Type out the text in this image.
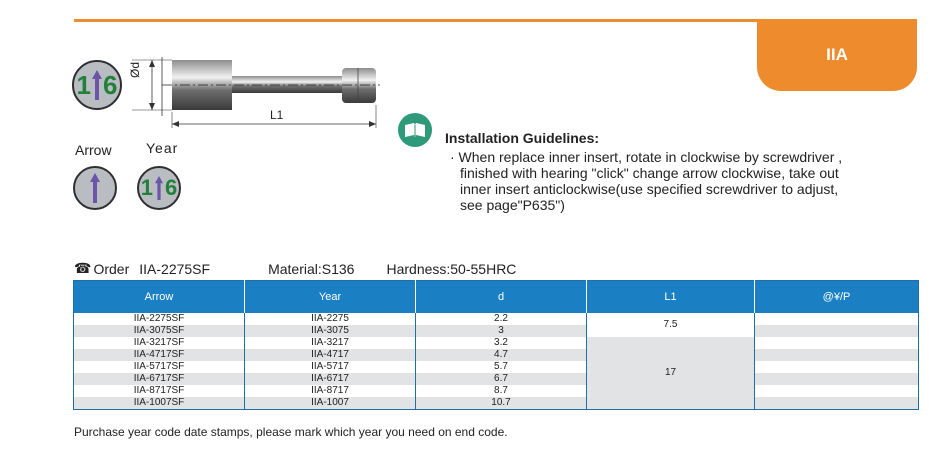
IIA
1 6
Ød
L1
Arrow Year
1 6
Installation Guidelines:
· When replace inner insert, rotate in clockwise by screwdriver ,
finished with hearing "click" change arrow clockwise, take out
inner insert anticlockwise(use specified screwdriver to adjust,
see page"P635")
☎ Order IIA-2275SF	Material:S136 Hardness:50-55HRC
Arrow	Year	d	L1	@¥/P
IIA-2275SF	IIA-2275	2.2	7.5	
IIA-3075SF	IIA-3075	3		
IIA-3217SF	IIA-3217	3.2	17	
IIA-4717SF	IIA-4717	4.7		
IIA-5717SF	IIA-5717	5.7		
IIA-6717SF	IIA-6717	6.7		
IIA-8717SF	IIA-8717	8.7		
IIA-1007SF	IIA-1007	10.7		
Purchase year code date stamps, please mark which year you need on end code.
